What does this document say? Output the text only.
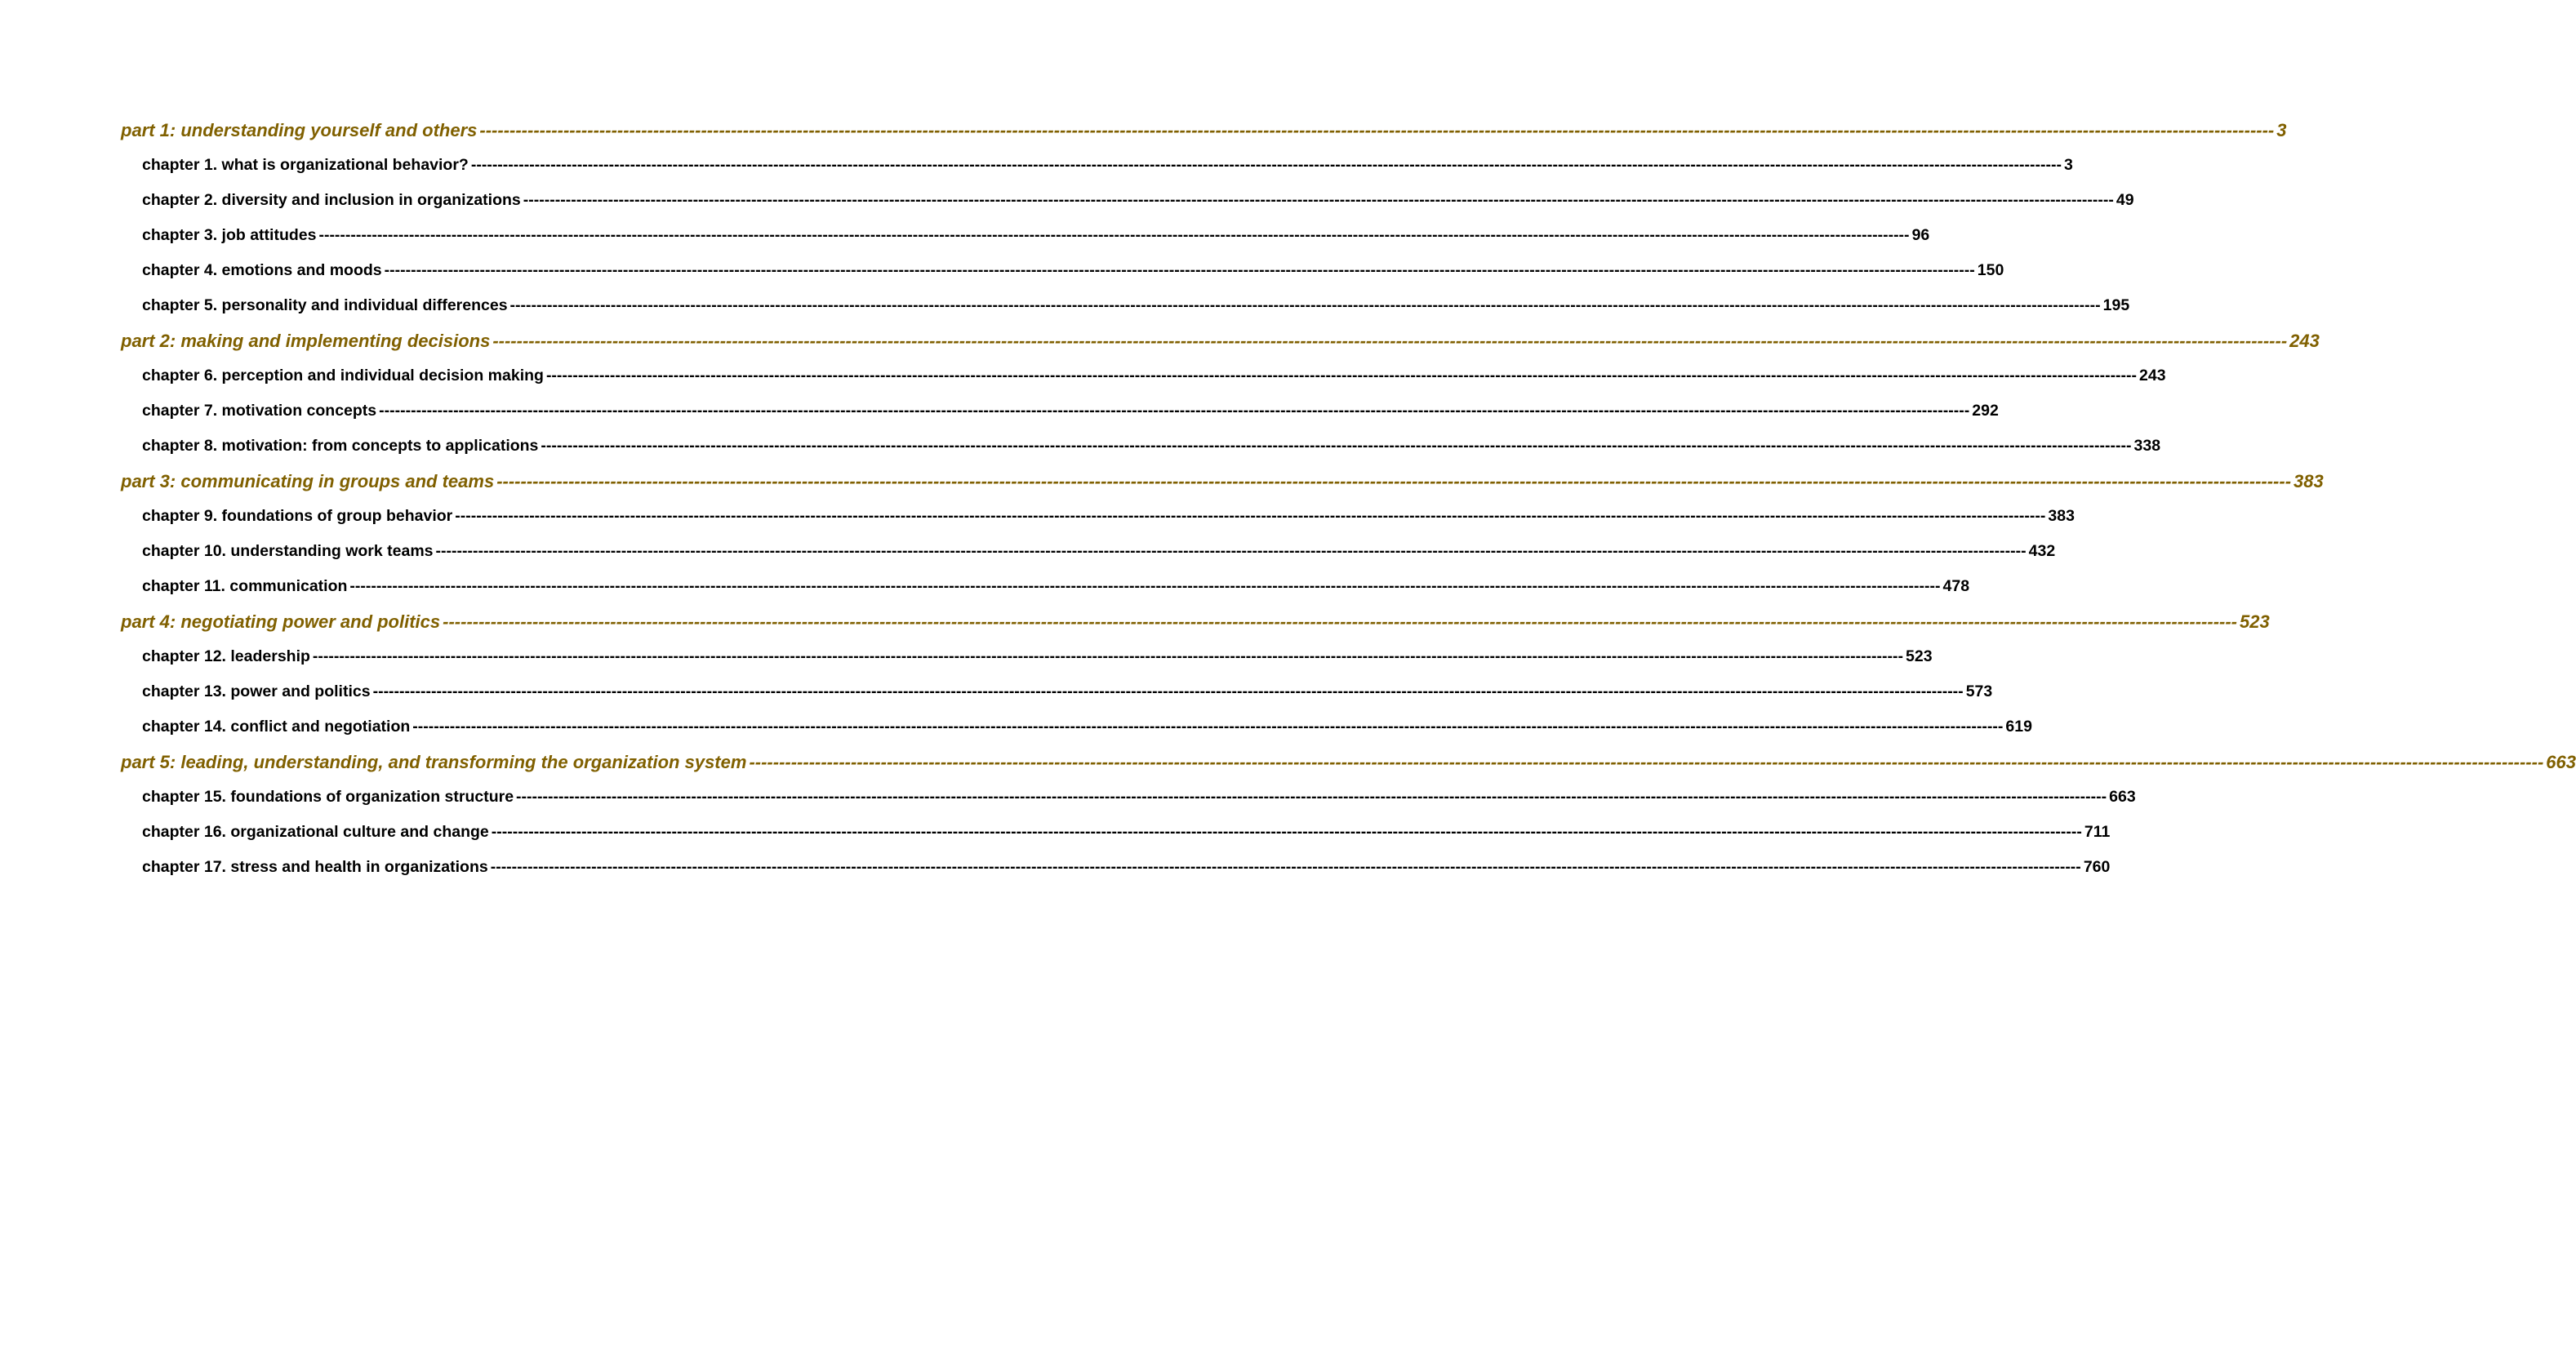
part 1: understanding yourself and others ------------------------------------------------------------------------------------------------------------------------------------------------------------------------------------------------------------------------------------------------------------------------------------------------------------ 3
chapter 1. what is organizational behavior? ------------------------------------------------------------------------------------------------------------------------------------------------------------------------------------------------------------------------------------------------------------------------------------------------------------ 3
chapter 2. diversity and inclusion in organizations ------------------------------------------------------------------------------------------------------------------------------------------------------------------------------------------------------------------------------------------------------------------------------------------------------------ 49
chapter 3. job attitudes ------------------------------------------------------------------------------------------------------------------------------------------------------------------------------------------------------------------------------------------------------------------------------------------------------------ 96
chapter 4. emotions and moods ------------------------------------------------------------------------------------------------------------------------------------------------------------------------------------------------------------------------------------------------------------------------------------------------------------ 150
chapter 5. personality and individual differences ------------------------------------------------------------------------------------------------------------------------------------------------------------------------------------------------------------------------------------------------------------------------------------------------------------ 195
part 2: making and implementing decisions ------------------------------------------------------------------------------------------------------------------------------------------------------------------------------------------------------------------------------------------------------------------------------------------------------------ 243
chapter 6. perception and individual decision making ------------------------------------------------------------------------------------------------------------------------------------------------------------------------------------------------------------------------------------------------------------------------------------------------------------ 243
chapter 7. motivation concepts ------------------------------------------------------------------------------------------------------------------------------------------------------------------------------------------------------------------------------------------------------------------------------------------------------------ 292
chapter 8. motivation: from concepts to applications ------------------------------------------------------------------------------------------------------------------------------------------------------------------------------------------------------------------------------------------------------------------------------------------------------------ 338
part 3: communicating in groups and teams ------------------------------------------------------------------------------------------------------------------------------------------------------------------------------------------------------------------------------------------------------------------------------------------------------------ 383
chapter 9. foundations of group behavior ------------------------------------------------------------------------------------------------------------------------------------------------------------------------------------------------------------------------------------------------------------------------------------------------------------ 383
chapter 10. understanding work teams ------------------------------------------------------------------------------------------------------------------------------------------------------------------------------------------------------------------------------------------------------------------------------------------------------------ 432
chapter 11. communication ------------------------------------------------------------------------------------------------------------------------------------------------------------------------------------------------------------------------------------------------------------------------------------------------------------ 478
part 4: negotiating power and politics ------------------------------------------------------------------------------------------------------------------------------------------------------------------------------------------------------------------------------------------------------------------------------------------------------------ 523
chapter 12. leadership ------------------------------------------------------------------------------------------------------------------------------------------------------------------------------------------------------------------------------------------------------------------------------------------------------------ 523
chapter 13. power and politics ------------------------------------------------------------------------------------------------------------------------------------------------------------------------------------------------------------------------------------------------------------------------------------------------------------ 573
chapter 14. conflict and negotiation ------------------------------------------------------------------------------------------------------------------------------------------------------------------------------------------------------------------------------------------------------------------------------------------------------------ 619
part 5: leading, understanding, and transforming the organization system ------------------------------------------------------------------------------------------------------------------------------------------------------------------------------------------------------------------------------------------------------------------------------------------------------------ 663
chapter 15. foundations of organization structure ------------------------------------------------------------------------------------------------------------------------------------------------------------------------------------------------------------------------------------------------------------------------------------------------------------ 663
chapter 16. organizational culture and change ------------------------------------------------------------------------------------------------------------------------------------------------------------------------------------------------------------------------------------------------------------------------------------------------------------ 711
chapter 17. stress and health in organizations ------------------------------------------------------------------------------------------------------------------------------------------------------------------------------------------------------------------------------------------------------------------------------------------------------------ 760
